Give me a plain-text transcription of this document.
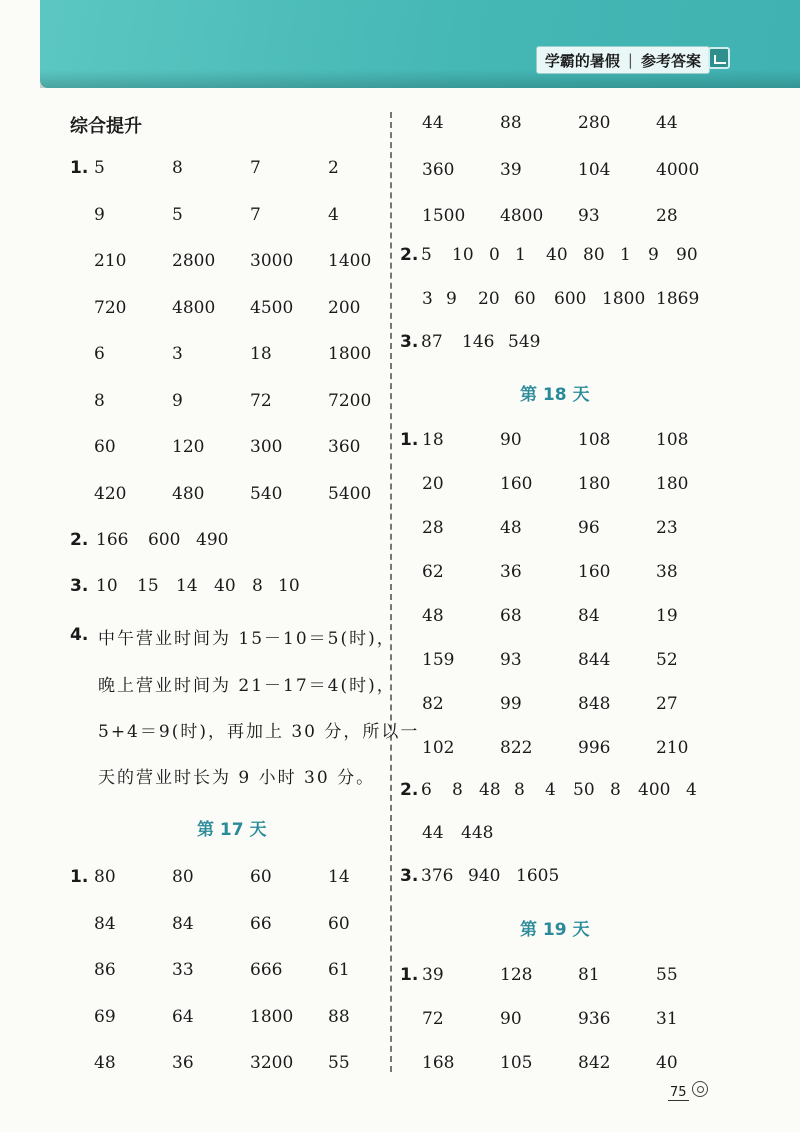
学霸的暑假 | 参考答案
综合提升
5	8	7	2
9	5	7	4
210	2800 3000 1400
720	4800 4500 200
6	3	18	1800
8	9	72	7200
60	120	300	360
420	480	540	5400
1.
2. 166 600 490
3. 10 15 14 40 8 10
4. 中午营业时间为 15－10＝5(时)，
晚上营业时间为 21－17＝4(时)，
5+4＝9(时)，再加上 30 分，所以一
天的营业时长为 9 小时 30 分。
第 17 天
1. 80	80	60	14
84	84	66	60
86	33	666	61
69	64	1800 88
48	36	3200 55
44	88	280	44
360	39	104	4000
1500 4800 93	28
2. 5 10 0 1 40 80 1 9 90
3 9 20 60 600 1800 1869
3. 87 146 549
第 18 天
1. 18	90	108	108
20	160	180	180
28	48	96	23
62	36	160	38
48	68	84	19
159	93	844	52
82	99	848	27
102	822	996	210
2. 6 8 48 8 4 50 8 400 4
44 448
3. 376 940 1605
第 19 天
1. 39	128	81	55
72	90	936	31
168	105	842	40
75
